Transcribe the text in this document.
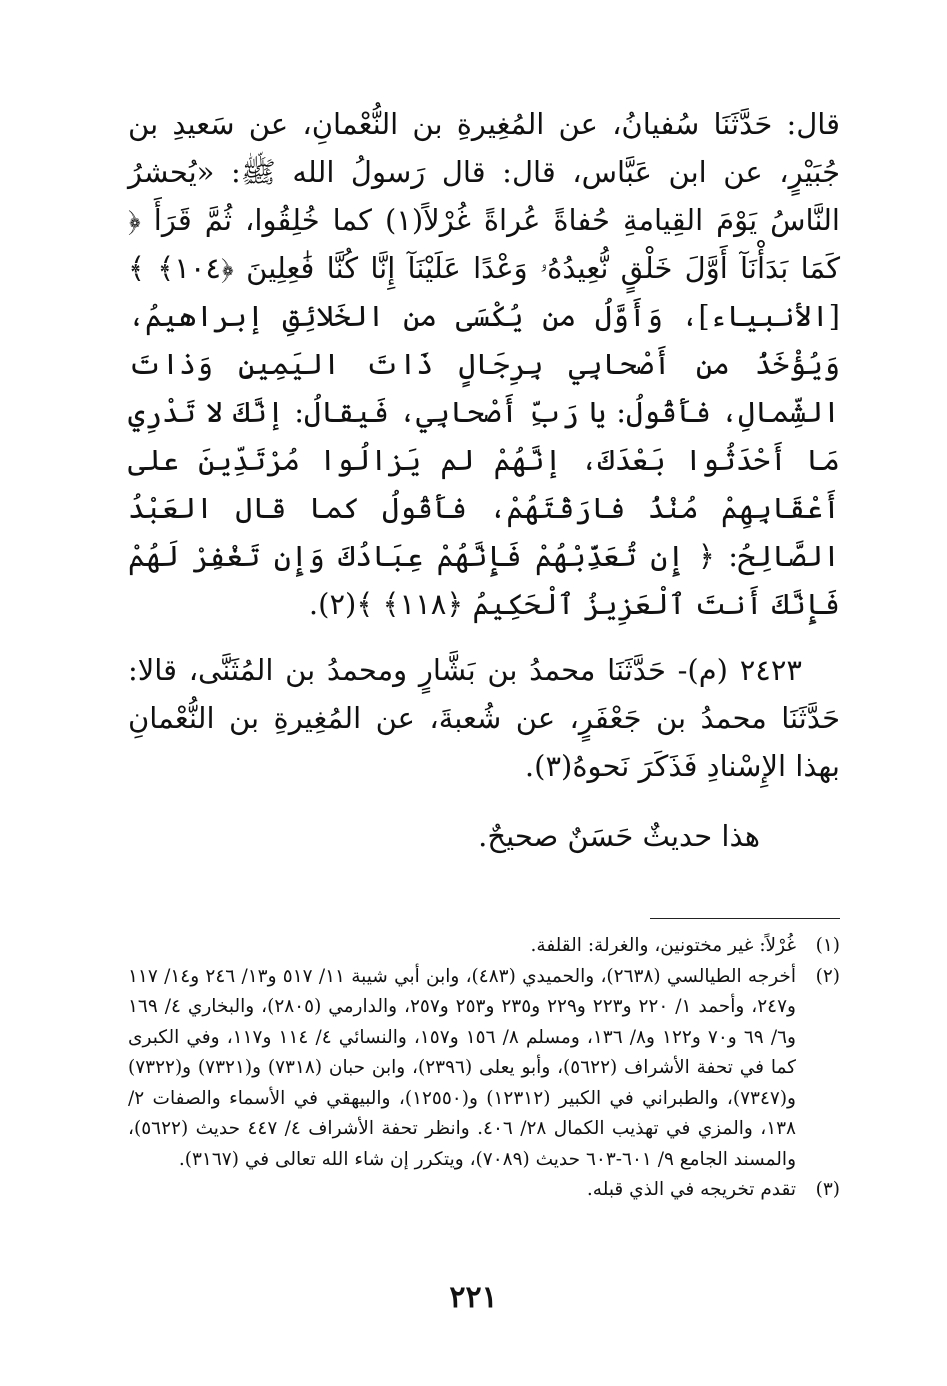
قال: حَدَّثَنَا سُفيانُ، عن المُغِيرةِ بن النُّعْمانِ، عن سَعيدِ بن جُبَيْرٍ، عن ابن عَبَّاس، قال: قال رَسولُ الله ﷺ: «يُحشرُ النَّاسُ يَوْمَ القِيامةِ حُفاةً عُراةً غُرْلاً(١) كما خُلِقُوا، ثُمَّ قَرَأَ ﴿ كَمَا بَدَأْنَآ أَوَّلَ خَلْقٍ نُّعِيدُهُۥ وَعْدًا عَلَيْنَآ إِنَّا كُنَّا فَٰعِلِينَ ﴿١٠٤﴾ ﴾ [الأنبياء]، وَأَوَّلُ من يُكْسَى من الخَلائِقِ إبراهيمُ، وَيُؤْخَذُ من أَصْحابِي بِرِجَالٍ ذَاتَ اليَمِينِ وَذاتَ الشِّمالِ، فأَقُولُ: يا رَبِّ أَصْحابِي، فَيقالُ: إنَّكَ لا تَدْرِي مَا أَحْدَثُوا بَعْدَكَ، إنَّهُمْ لم يَزالُوا مُرْتَدِّينَ على أَعْقَابِهِمْ مُنْذُ فارَقْتَهُمْ، فأَقُولُ كما قال العَبْدُ الصَّالِحُ: ﴿ إِن تُعَذِّبْهُمْ فَإِنَّهُمْ عِبَادُكَ وَإِن تَغْفِرْ لَهُمْ فَإِنَّكَ أَنتَ ٱلْعَزِيزُ ٱلْحَكِيمُ ﴿١١٨﴾ ﴾(٢).

٢٤٢٣ (م)- حَدَّثَنَا محمدُ بن بَشَّارٍ ومحمدُ بن المُثَنَّى، قالا: حَدَّثَنَا محمدُ بن جَعْفَرٍ، عن شُعبةَ، عن المُغِيرةِ بن النُّعْمانِ بهذا الإِسْنادِ فَذَكَرَ نَحوهُ(٣).

هذا حديثٌ حَسَنٌ صحيحٌ.

(١)
غُرْلاً: غير مختونين، والغرلة: القلفة.
(٢)
أخرجه الطيالسي (٢٦٣٨)، والحميدي (٤٨٣)، وابن أبي شيبة ١١/ ٥١٧ و١٣/ ٢٤٦ و١٤/ ١١٧ و٢٤٧، وأحمد ١/ ٢٢٠ و٢٢٣ و٢٢٩ و٢٣٥ و٢٥٣ و٢٥٧، والدارمي (٢٨٠٥)، والبخاري ٤/ ١٦٩ و٦/ ٦٩ و٧٠ و١٢٢ و٨/ ١٣٦، ومسلم ٨/ ١٥٦ و١٥٧، والنسائي ٤/ ١١٤ و١١٧، وفي الكبرى كما في تحفة الأشراف (٥٦٢٢)، وأبو يعلى (٢٣٩٦)، وابن حبان (٧٣١٨) و(٧٣٢١) و(٧٣٢٢) و(٧٣٤٧)، والطبراني في الكبير (١٢٣١٢) و(١٢٥٥٠)، والبيهقي في الأسماء والصفات ٢/ ١٣٨، والمزي في تهذيب الكمال ٢٨/ ٤٠٦. وانظر تحفة الأشراف ٤/ ٤٤٧ حديث (٥٦٢٢)، والمسند الجامع ٩/ ٦٠١-٦٠٣ حديث (٧٠٨٩)، ويتكرر إن شاء الله تعالى في (٣١٦٧).
(٣)
تقدم تخريجه في الذي قبله.
٢٢١
